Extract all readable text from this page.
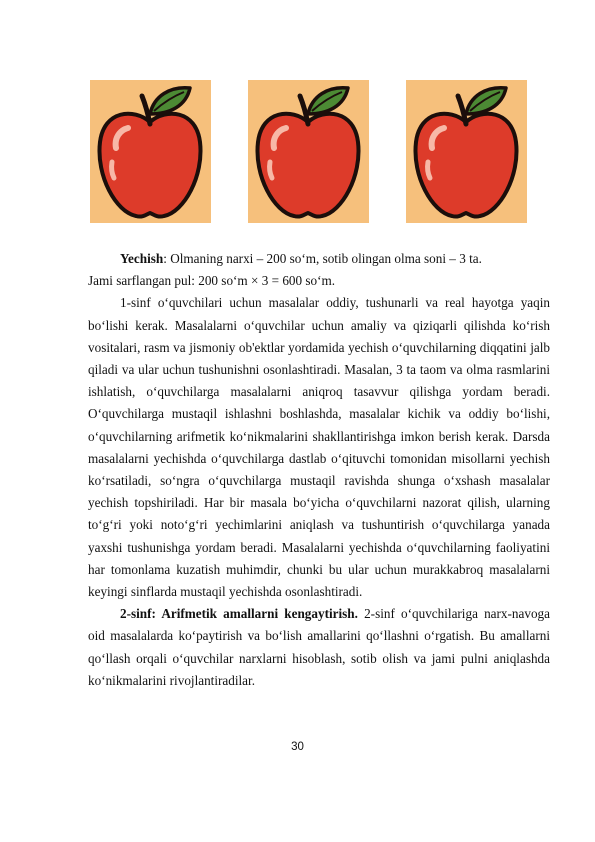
Yechish: Olmaning narxi – 200 so‘m, sotib olingan olma soni – 3 ta.

Jami sarflangan pul: 200 so‘m × 3 = 600 so‘m.

1-sinf o‘quvchilari uchun masalalar oddiy, tushunarli va real hayotga yaqin bo‘lishi kerak. Masalalarni o‘quvchilar uchun amaliy va qiziqarli qilishda ko‘rish vositalari, rasm va jismoniy ob'ektlar yordamida yechish o‘quvchilarning diqqatini jalb qiladi va ular uchun tushunishni osonlashtiradi. Masalan, 3 ta taom va olma rasmlarini ishlatish, o‘quvchilarga masalalarni aniqroq tasavvur qilishga yordam beradi. O‘quvchilarga mustaqil ishlashni boshlashda, masalalar kichik va oddiy bo‘lishi, o‘quvchilarning arifmetik ko‘nikmalarini shakllantirishga imkon berish kerak. Darsda masalalarni yechishda o‘quvchilarga dastlab o‘qituvchi tomonidan misollarni yechish ko‘rsatiladi, so‘ngra o‘quvchilarga mustaqil ravishda shunga o‘xshash masalalar yechish topshiriladi. Har bir masala bo‘yicha o‘quvchilarni nazorat qilish, ularning to‘g‘ri yoki noto‘g‘ri yechimlarini aniqlash va tushuntirish o‘quvchilarga yanada yaxshi tushunishga yordam beradi. Masalalarni yechishda o‘quvchilarning faoliyatini har tomonlama kuzatish muhimdir, chunki bu ular uchun murakkabroq masalalarni keyingi sinflarda mustaqil yechishda osonlashtiradi.

2-sinf: Arifmetik amallarni kengaytirish. 2-sinf o‘quvchilariga narx-navoga oid masalalarda ko‘paytirish va bo‘lish amallarini qo‘llashni o‘rgatish. Bu amallarni qo‘llash orqali o‘quvchilar narxlarni hisoblash, sotib olish va jami pulni aniqlashda ko‘nikmalarini rivojlantiradilar.

30
